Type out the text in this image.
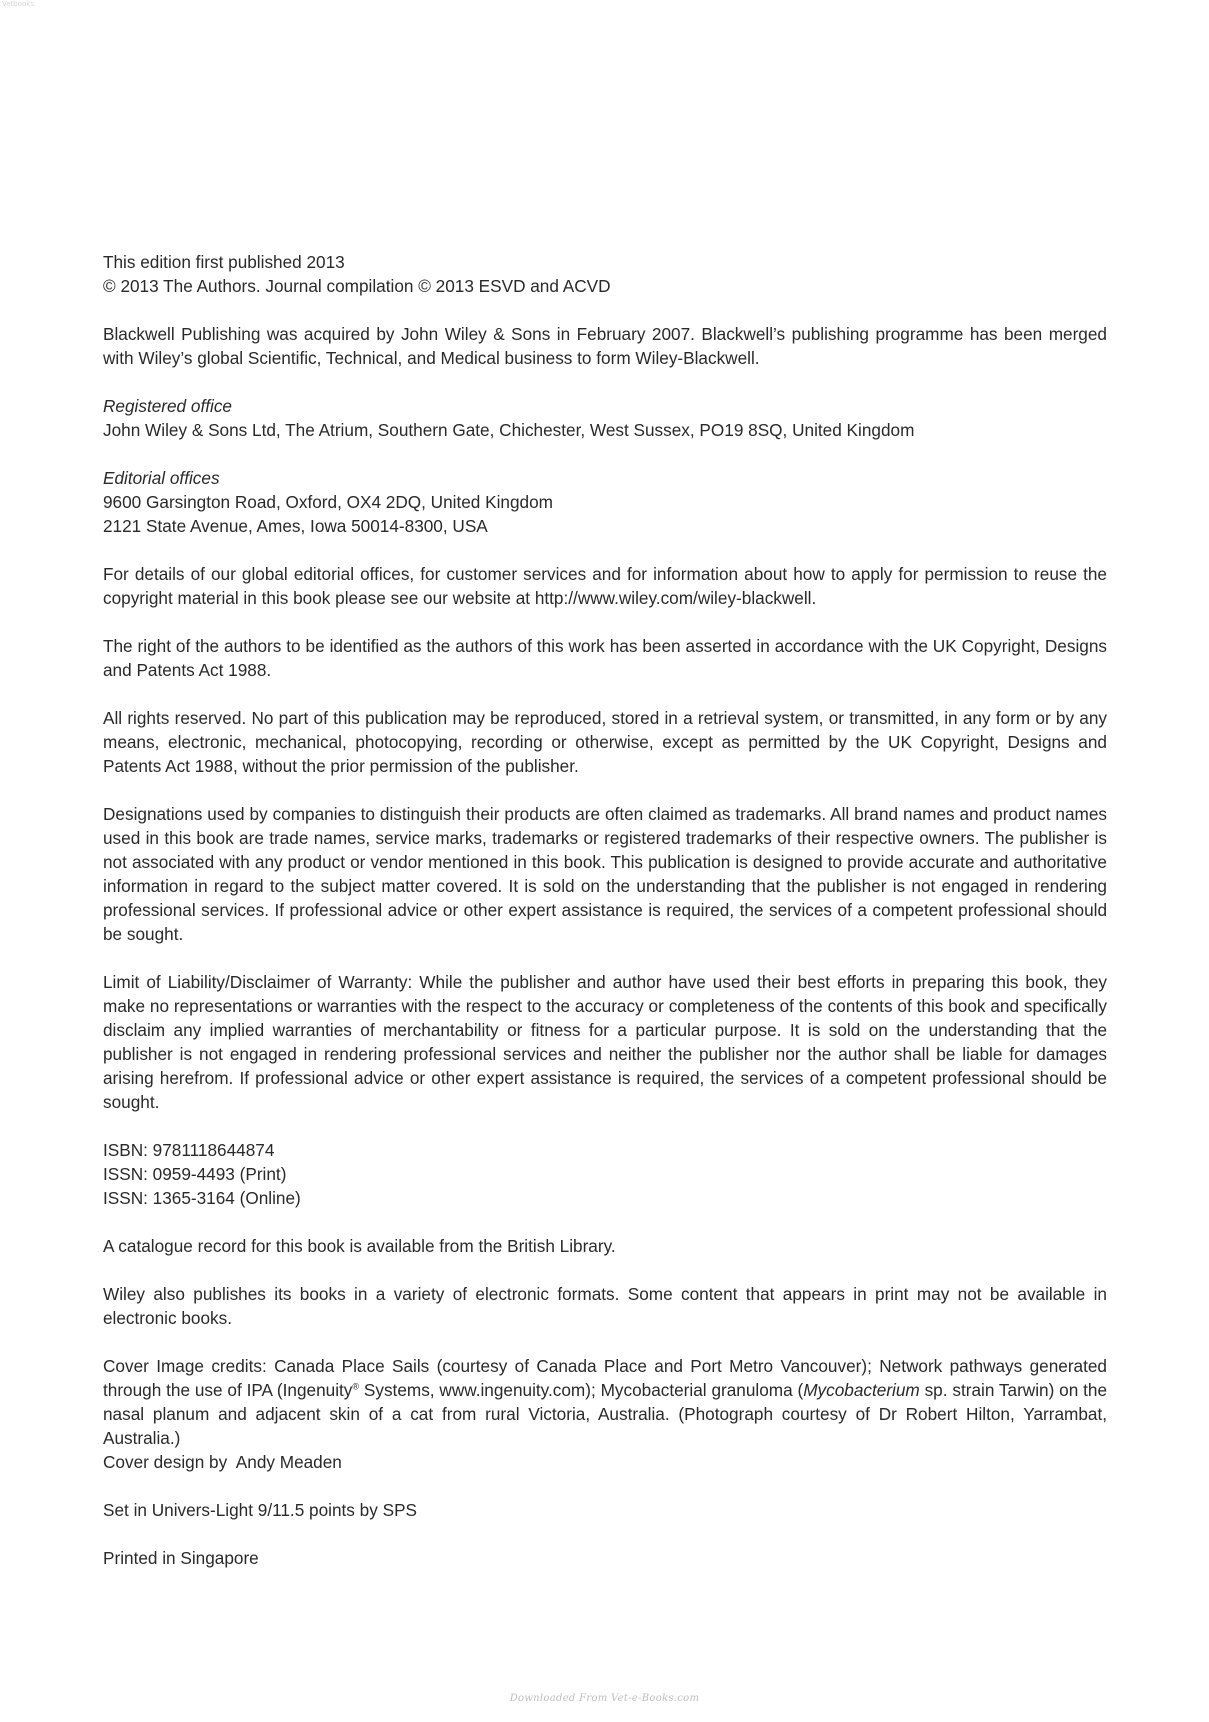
Vetbooks
This edition first published 2013
© 2013 The Authors. Journal compilation © 2013 ESVD and ACVD

Blackwell Publishing was acquired by John Wiley & Sons in February 2007. Blackwell’s publishing programme has been merged with Wiley’s global Scientific, Technical, and Medical business to form Wiley-Blackwell.

Registered office
John Wiley & Sons Ltd, The Atrium, Southern Gate, Chichester, West Sussex, PO19 8SQ, United Kingdom
Editorial offices
9600 Garsington Road, Oxford, OX4 2DQ, United Kingdom
2121 State Avenue, Ames, Iowa 50014-8300, USA

For details of our global editorial offices, for customer services and for information about how to apply for permission to reuse the copyright material in this book please see our website at http://www.wiley.com/wiley-blackwell.

The right of the authors to be identified as the authors of this work has been asserted in accordance with the UK Copyright, Designs and Patents Act 1988.

All rights reserved. No part of this publication may be reproduced, stored in a retrieval system, or transmitted, in any form or by any means, electronic, mechanical, photocopying, recording or otherwise, except as permitted by the UK Copyright, Designs and Patents Act 1988, without the prior permission of the publisher.

Designations used by companies to distinguish their products are often claimed as trademarks. All brand names and product names used in this book are trade names, service marks, trademarks or registered trademarks of their respective owners. The publisher is not associated with any product or vendor mentioned in this book. This publication is designed to provide accurate and authoritative information in regard to the subject matter covered. It is sold on the understanding that the publisher is not engaged in rendering professional services. If professional advice or other expert assistance is required, the services of a competent professional should be sought.

Limit of Liability/Disclaimer of Warranty: While the publisher and author have used their best efforts in preparing this book, they make no representations or warranties with the respect to the accuracy or completeness of the contents of this book and specifically disclaim any implied warranties of merchantability or fitness for a particular purpose. It is sold on the understanding that the publisher is not engaged in rendering professional services and neither the publisher nor the author shall be liable for damages arising herefrom. If professional advice or other expert assistance is required, the services of a competent professional should be sought.

ISBN: 9781118644874
ISSN: 0959-4493 (Print)
ISSN: 1365-3164 (Online)

A catalogue record for this book is available from the British Library.

Wiley also publishes its books in a variety of electronic formats. Some content that appears in print may not be available in electronic books.

Cover Image credits: Canada Place Sails (courtesy of Canada Place and Port Metro Vancouver); Network pathways generated through the use of IPA (Ingenuity® Systems, www.ingenuity.com); Mycobacterial granuloma (Mycobacterium sp. strain Tarwin) on the nasal planum and adjacent skin of a cat from rural Victoria, Australia. (Photograph courtesy of Dr Robert Hilton, Yarrambat, Australia.)

Cover design by  Andy Meaden

Set in Univers-Light 9/11.5 points by SPS

Printed in Singapore

Downloaded From Vet-e-Books.com
